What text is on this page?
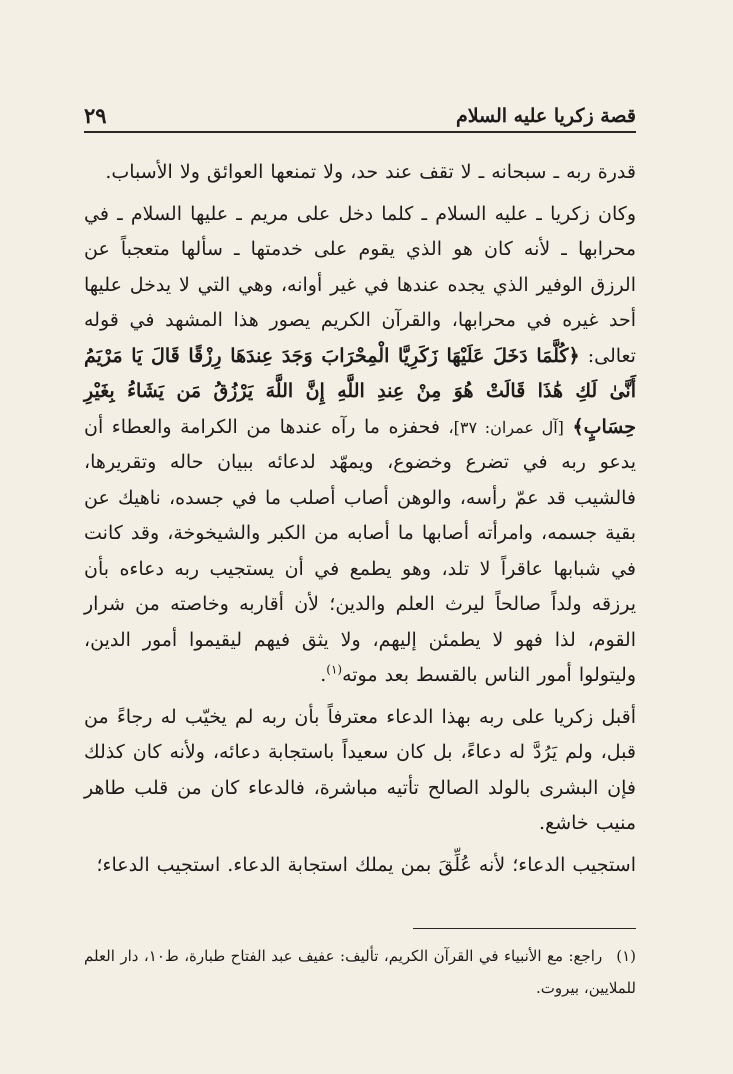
قصة زكريا عليه السلام
٢٩

قدرة ربه ـ سبحانه ـ لا تقف عند حد، ولا تمنعها العوائق ولا الأسباب.

وكان زكريا ـ عليه السلام ـ كلما دخل على مريم ـ عليها السلام ـ في محرابها ـ لأنه كان هو الذي يقوم على خدمتها ـ سألها متعجباً عن الرزق الوفير الذي يجده عندها في غير أوانه، وهي التي لا يدخل عليها أحد غيره في محرابها، والقرآن الكريم يصور هذا المشهد في قوله تعالى: ﴿كُلَّمَا دَخَلَ عَلَيْهَا زَكَرِيَّا الْمِحْرَابَ وَجَدَ عِندَهَا رِزْقًا قَالَ يَا مَرْيَمُ أَنَّىٰ لَكِ هَٰذَا قَالَتْ هُوَ مِنْ عِندِ اللَّهِ إِنَّ اللَّهَ يَرْزُقُ مَن يَشَاءُ بِغَيْرِ حِسَابٍ﴾ [آل عمران: ٣٧]، فحفزه ما رآه عندها من الكرامة والعطاء أن يدعو ربه في تضرع وخضوع، ويمهّد لدعائه ببيان حاله وتقريرها، فالشيب قد عمّ رأسه، والوهن أصاب أصلب ما في جسده، ناهيك عن بقية جسمه، وامرأته أصابها ما أصابه من الكبر والشيخوخة، وقد كانت في شبابها عاقراً لا تلد، وهو يطمع في أن يستجيب ربه دعاءه بأن يرزقه ولداً صالحاً ليرث العلم والدين؛ لأن أقاربه وخاصته من شرار القوم، لذا فهو لا يطمئن إليهم، ولا يثق فيهم ليقيموا أمور الدين، وليتولوا أمور الناس بالقسط بعد موته$^{(١)}$.

أقبل زكريا على ربه بهذا الدعاء معترفاً بأن ربه لم يخيّب له رجاءً من قبل، ولم يَرُدَّ له دعاءً، بل كان سعيداً باستجابة دعائه، ولأنه كان كذلك فإن البشرى بالولد الصالح تأتيه مباشرة، فالدعاء كان من قلب طاهر منيب خاشع.

استجيب الدعاء؛ لأنه عُلِّقَ بمن يملك استجابة الدعاء. استجيب الدعاء؛

(١)راجع: مع الأنبياء في القرآن الكريم، تأليف: عفيف عبد الفتاح طبارة، ط١٠، دار العلم للملايين، بيروت.
